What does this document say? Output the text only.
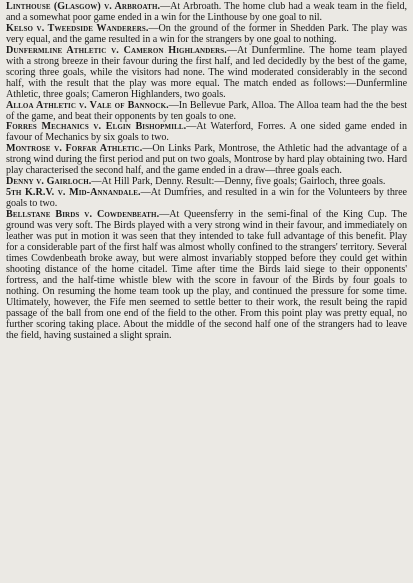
Linthouse (Glasgow) v. Arbroath.—At Arbroath. The home club had a weak team in the field, and a somewhat poor game ended in a win for the Linthouse by one goal to nil.

Kelso v. Tweedside Wanderers.—On the ground of the former in Shedden Park. The play was very equal, and the game resulted in a win for the strangers by one goal to nothing.

Dunfermline Athletic v. Cameron Highlanders.—At Dunfermline. The home team played with a strong breeze in their favour during the first half, and led decidedly by the best of the game, scoring three goals, while the visitors had none. The wind moderated considerably in the second half, with the result that the play was more equal. The match ended as follows:—Dunfermline Athletic, three goals; Cameron Highlanders, two goals.

Alloa Athletic v. Vale of Bannock.—In Bellevue Park, Alloa. The Alloa team had the the best of the game, and beat their opponents by ten goals to one.

Forres Mechanics v. Elgin Bishopmill.—At Waterford, Forres. A one sided game ended in favour of Mechanics by six goals to two.

Montrose v. Forfar Athletic.—On Links Park, Montrose, the Athletic had the advantage of a strong wind during the first period and put on two goals, Montrose by hard play obtaining two. Hard play characterised the second half, and the game ended in a draw—three goals each.

Denny v. Gairloch.—At Hill Park, Denny. Result:—Denny, five goals; Gairloch, three goals.

5th K.R.V. v. Mid-Annandale.—At Dumfries, and resulted in a win for the Volunteers by three goals to two.

Bellstane Birds v. Cowdenbeath.—At Queensferry in the semi-final of the King Cup. The ground was very soft. The Birds played with a very strong wind in their favour, and immediately on leather was put in motion it was seen that they intended to take full advantage of this benefit. Play for a considerable part of the first half was almost wholly confined to the strangers' territory. Several times Cowdenbeath broke away, but were almost invariably stopped before they could get within shooting distance of the home citadel. Time after time the Birds laid siege to their opponents' fortress, and the half-time whistle blew with the score in favour of the Birds by four goals to nothing. On resuming the home team took up the play, and continued the pressure for some time. Ultimately, however, the Fife men seemed to settle better to their work, the result being the rapid passage of the ball from one end of the field to the other. From this point play was pretty equal, no further scoring taking place. About the middle of the second half one of the strangers had to leave the field, having sustained a slight sprain.
